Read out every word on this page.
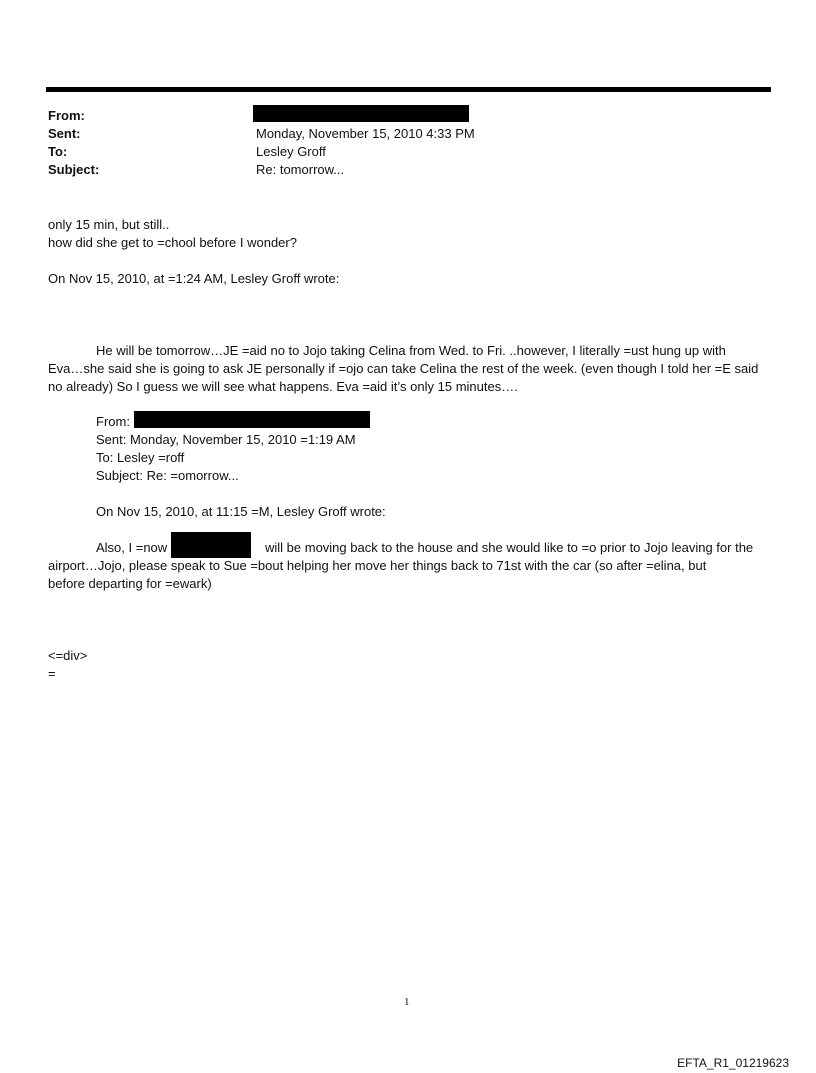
From:
Sent:	Monday, November 15, 2010 4:33 PM
To:	Lesley Groff
Subject:	Re: tomorrow...
only 15 min, but still..
how did she get to =chool before I wonder?
On Nov 15, 2010, at =1:24 AM, Lesley Groff wrote:
He will be tomorrow…JE =aid no to Jojo taking Celina from Wed. to Fri. ..however, I literally =ust hung up with
Eva…she said she is going to ask JE personally if =ojo can take Celina the rest of the week. (even though I told her =E said
no already) So I guess we will see what happens. Eva =aid it’s only 15 minutes….
From:
Sent: Monday, November 15, 2010 =1:19 AM
To: Lesley =roff
Subject: Re: =omorrow...
On Nov 15, 2010, at 11:15 =M, Lesley Groff wrote:
Also, I =now	will be moving back to the house and she would like to =o prior to Jojo leaving for the
airport…Jojo, please speak to Sue =bout helping her move her things back to 71st with the car (so after =elina, but
before departing for =ewark)
<=div>
=
1
EFTA_R1_01219623
